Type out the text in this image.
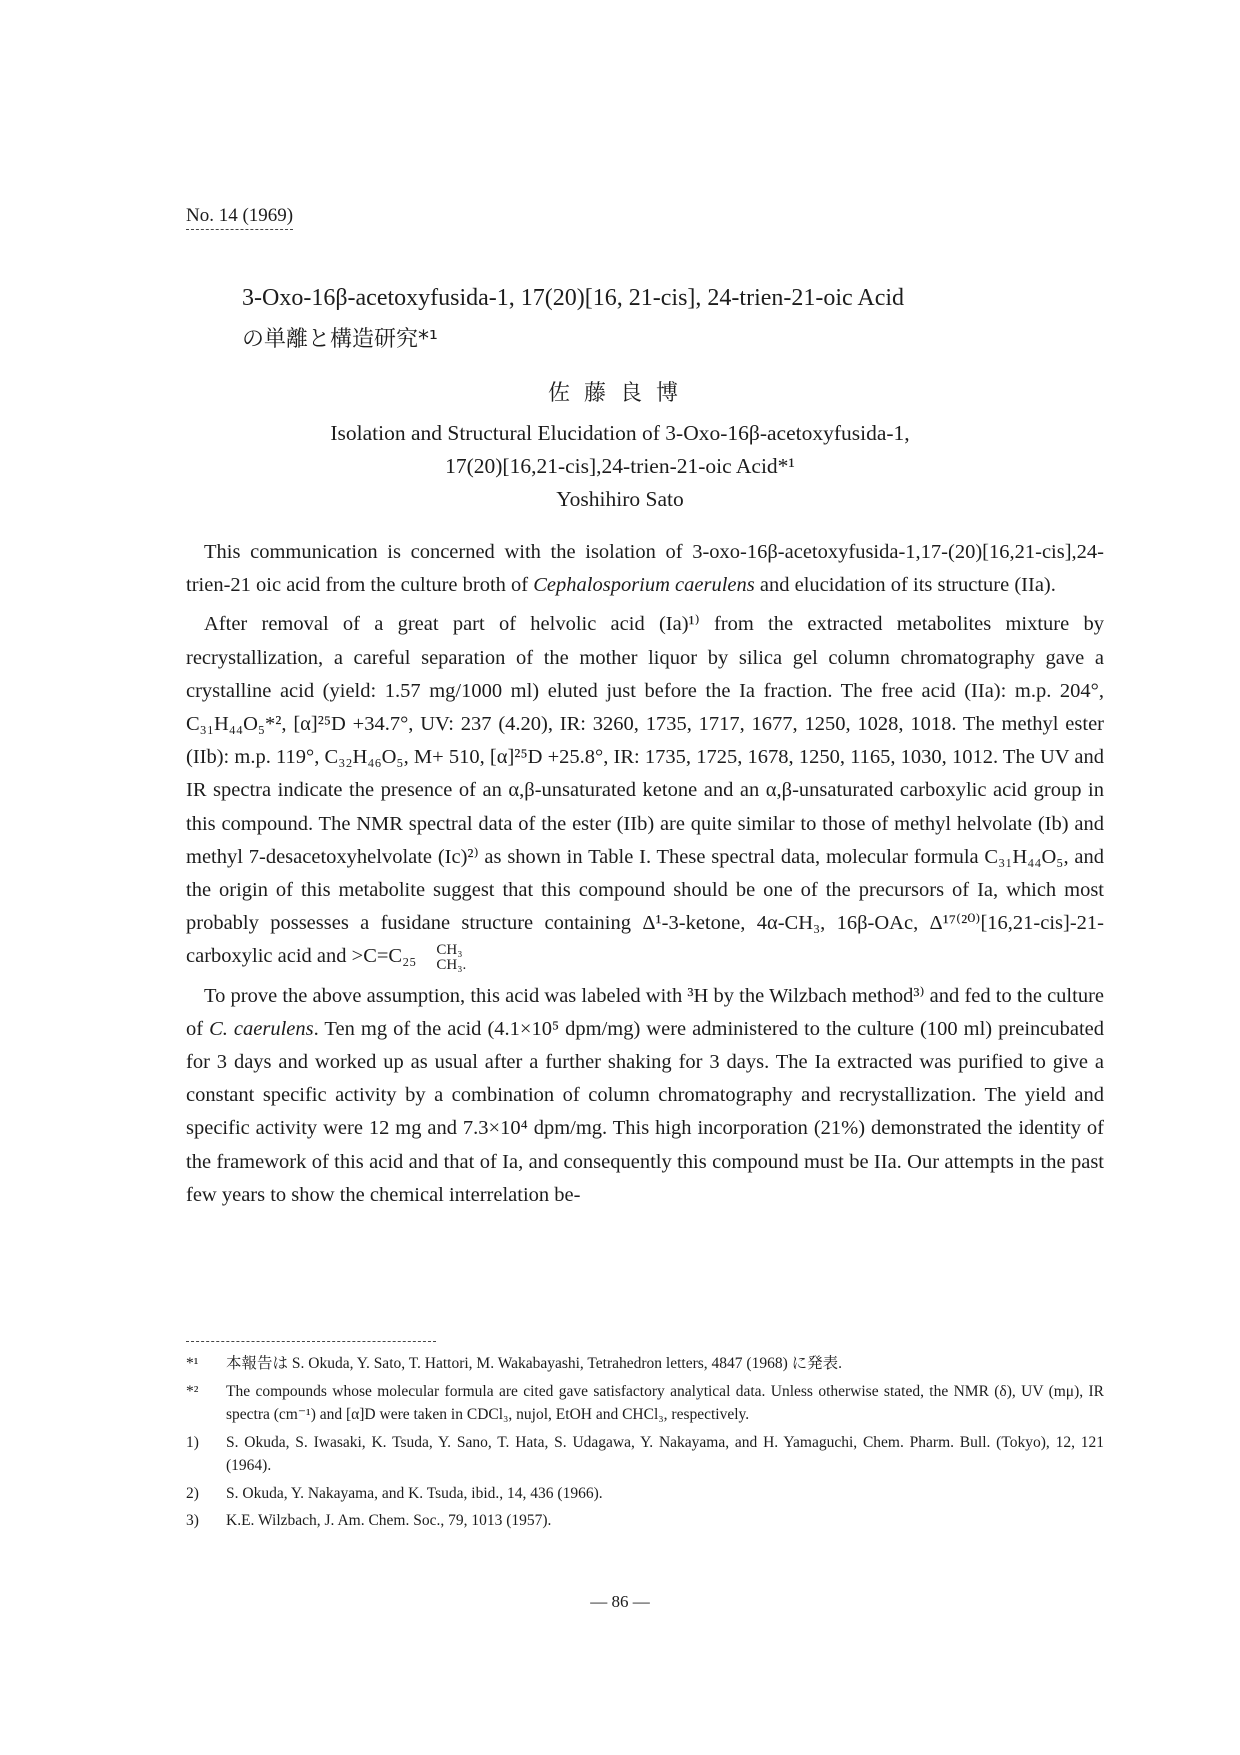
No. 14 (1969)
3-Oxo-16β-acetoxyfusida-1, 17(20)[16, 21-cis], 24-trien-21-oic Acid
の単離と構造研究*¹
佐藤良博
Isolation and Structural Elucidation of 3-Oxo-16β-acetoxyfusida-1,
17(20)[16,21-cis],24-trien-21-oic Acid*¹
Yoshihiro Sato

This communication is concerned with the isolation of 3-oxo-16β-acetoxyfusida-1,17-(20)[16,21-cis],24-trien-21 oic acid from the culture broth of Cephalosporium caerulens and elucidation of its structure (IIa).

After removal of a great part of helvolic acid (Ia)¹⁾ from the extracted metabolites mixture by recrystallization, a careful separation of the mother liquor by silica gel column chromatography gave a crystalline acid (yield: 1.57 mg/1000 ml) eluted just before the Ia fraction. The free acid (IIa): m.p. 204°, C₃₁H₄₄O₅*², [α]²⁵D +34.7°, UV: 237 (4.20), IR: 3260, 1735, 1717, 1677, 1250, 1028, 1018. The methyl ester (IIb): m.p. 119°, C₃₂H₄₆O₅, M+ 510, [α]²⁵D +25.8°, IR: 1735, 1725, 1678, 1250, 1165, 1030, 1012. The UV and IR spectra indicate the presence of an α,β-unsaturated ketone and an α,β-unsaturated carboxylic acid group in this compound. The NMR spectral data of the ester (IIb) are quite similar to those of methyl helvolate (Ib) and methyl 7-desacetoxyhelvolate (Ic)²⁾ as shown in Table I. These spectral data, molecular formula C₃₁H₄₄O₅, and the origin of this metabolite suggest that this compound should be one of the precursors of Ia, which most probably possesses a fusidane structure containing Δ¹-3-ketone, 4α-CH₃, 16β-OAc, Δ¹⁷⁽²⁰⁾[16,21-cis]-21-carboxylic acid and >C=C₂₅	CH₃
CH₃.

To prove the above assumption, this acid was labeled with ³H by the Wilzbach method³⁾ and fed to the culture of C. caerulens. Ten mg of the acid (4.1×10⁵ dpm/mg) were administered to the culture (100 ml) preincubated for 3 days and worked up as usual after a further shaking for 3 days. The Ia extracted was purified to give a constant specific activity by a combination of column chromatography and recrystallization. The yield and specific activity were 12 mg and 7.3×10⁴ dpm/mg. This high incorporation (21%) demonstrated the identity of the framework of this acid and that of Ia, and consequently this compound must be IIa. Our attempts in the past few years to show the chemical interrelation be-

*¹	本報告は S. Okuda, Y. Sato, T. Hattori, M. Wakabayashi, Tetrahedron letters, 4847 (1968) に発表.
*²	The compounds whose molecular formula are cited gave satisfactory analytical data. Unless otherwise stated, the NMR (δ), UV (mμ), IR spectra (cm⁻¹) and [α]D were taken in CDCl₃, nujol, EtOH and CHCl₃, respectively.
1)	S. Okuda, S. Iwasaki, K. Tsuda, Y. Sano, T. Hata, S. Udagawa, Y. Nakayama, and H. Yamaguchi, Chem. Pharm. Bull. (Tokyo), 12, 121 (1964).
2)	S. Okuda, Y. Nakayama, and K. Tsuda, ibid., 14, 436 (1966).
3)	K.E. Wilzbach, J. Am. Chem. Soc., 79, 1013 (1957).
— 86 —
